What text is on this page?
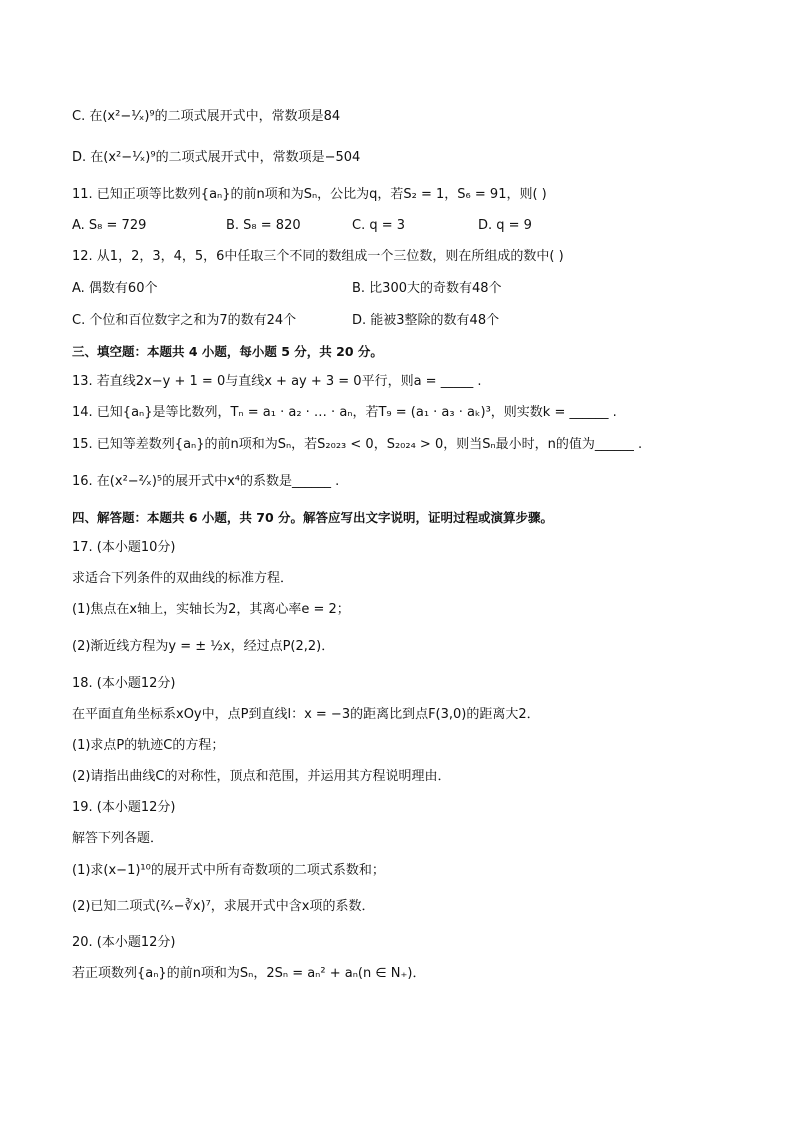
C. 在(x²−¹⁄ₓ)⁹的二项式展开式中，常数项是84
D. 在(x²−¹⁄ₓ)⁹的二项式展开式中，常数项是−504
11. 已知正项等比数列{aₙ}的前n项和为Sₙ，公比为q，若S₂ = 1，S₆ = 91，则( )
A. S₈ = 729	B. S₈ = 820	C. q = 3	D. q = 9
12. 从1，2，3，4，5，6中任取三个不同的数组成一个三位数，则在所组成的数中( )
A. 偶数有60个	B. 比300大的奇数有48个
C. 个位和百位数字之和为7的数有24个	D. 能被3整除的数有48个
三、填空题：本题共 4 小题，每小题 5 分，共 20 分。
13. 若直线2x−y + 1 = 0与直线x + ay + 3 = 0平行，则a = _____ .
14. 已知{aₙ}是等比数列，Tₙ = a₁ · a₂ · … · aₙ，若T₉ = (a₁ · a₃ · aₖ)³，则实数k = ______ .
15. 已知等差数列{aₙ}的前n项和为Sₙ，若S₂₀₂₃ < 0，S₂₀₂₄ > 0，则当Sₙ最小时，n的值为______ .
16. 在(x²−²⁄ₓ)⁵的展开式中x⁴的系数是______ .
四、解答题：本题共 6 小题，共 70 分。解答应写出文字说明，证明过程或演算步骤。
17. (本小题10分)
求适合下列条件的双曲线的标准方程．
(1)焦点在x轴上，实轴长为2，其离心率e = 2；
(2)渐近线方程为y = ± ½x，经过点P(2,2)．
18. (本小题12分)
在平面直角坐标系xOy中，点P到直线l：x = −3的距离比到点F(3,0)的距离大2．
(1)求点P的轨迹C的方程；
(2)请指出曲线C的对称性，顶点和范围，并运用其方程说明理由．
19. (本小题12分)
解答下列各题．
(1)求(x−1)¹⁰的展开式中所有奇数项的二项式系数和；
(2)已知二项式(²⁄ₓ−∛x)⁷，求展开式中含x项的系数．
20. (本小题12分)
若正项数列{aₙ}的前n项和为Sₙ，2Sₙ = aₙ² + aₙ(n ∈ N₊)．
